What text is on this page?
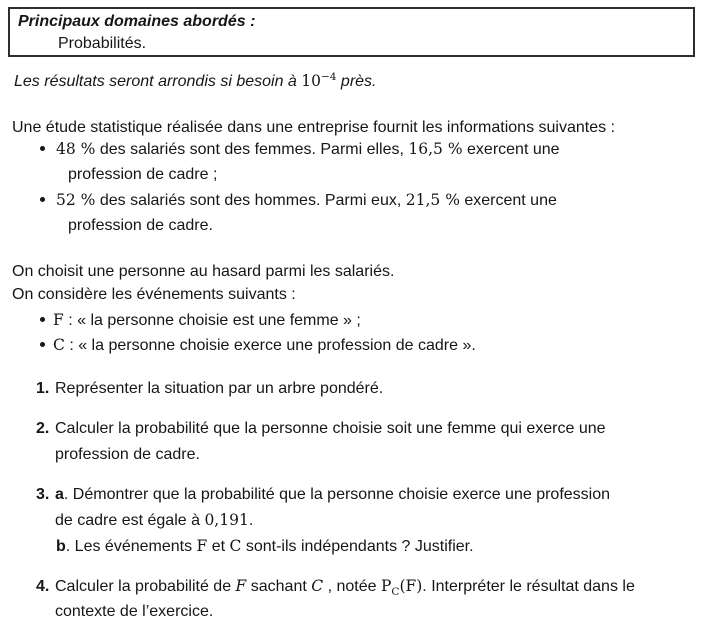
Principaux domaines abordés :
Probabilités.
Les résultats seront arrondis si besoin à $10^{-4}$ près.
Une étude statistique réalisée dans une entreprise fournit les informations suivantes :
48 % des salariés sont des femmes. Parmi elles, 16,5 % exercent une
profession de cadre ;
52 % des salariés sont des hommes. Parmi eux, 21,5 % exercent une
profession de cadre.
On choisit une personne au hasard parmi les salariés.
On considère les événements suivants :
F : « la personne choisie est une femme » ;
C : « la personne choisie exerce une profession de cadre ».
1. Représenter la situation par un arbre pondéré.
2. Calculer la probabilité que la personne choisie soit une femme qui exerce une
profession de cadre.
3. a. Démontrer que la probabilité que la personne choisie exerce une profession
de cadre est égale à 0,191.
b. Les événements F et C sont-ils indépendants ? Justifier.
4. Calculer la probabilité de F sachant C , notée $P_C(F)$. Interpréter le résultat dans le
contexte de l’exercice.
